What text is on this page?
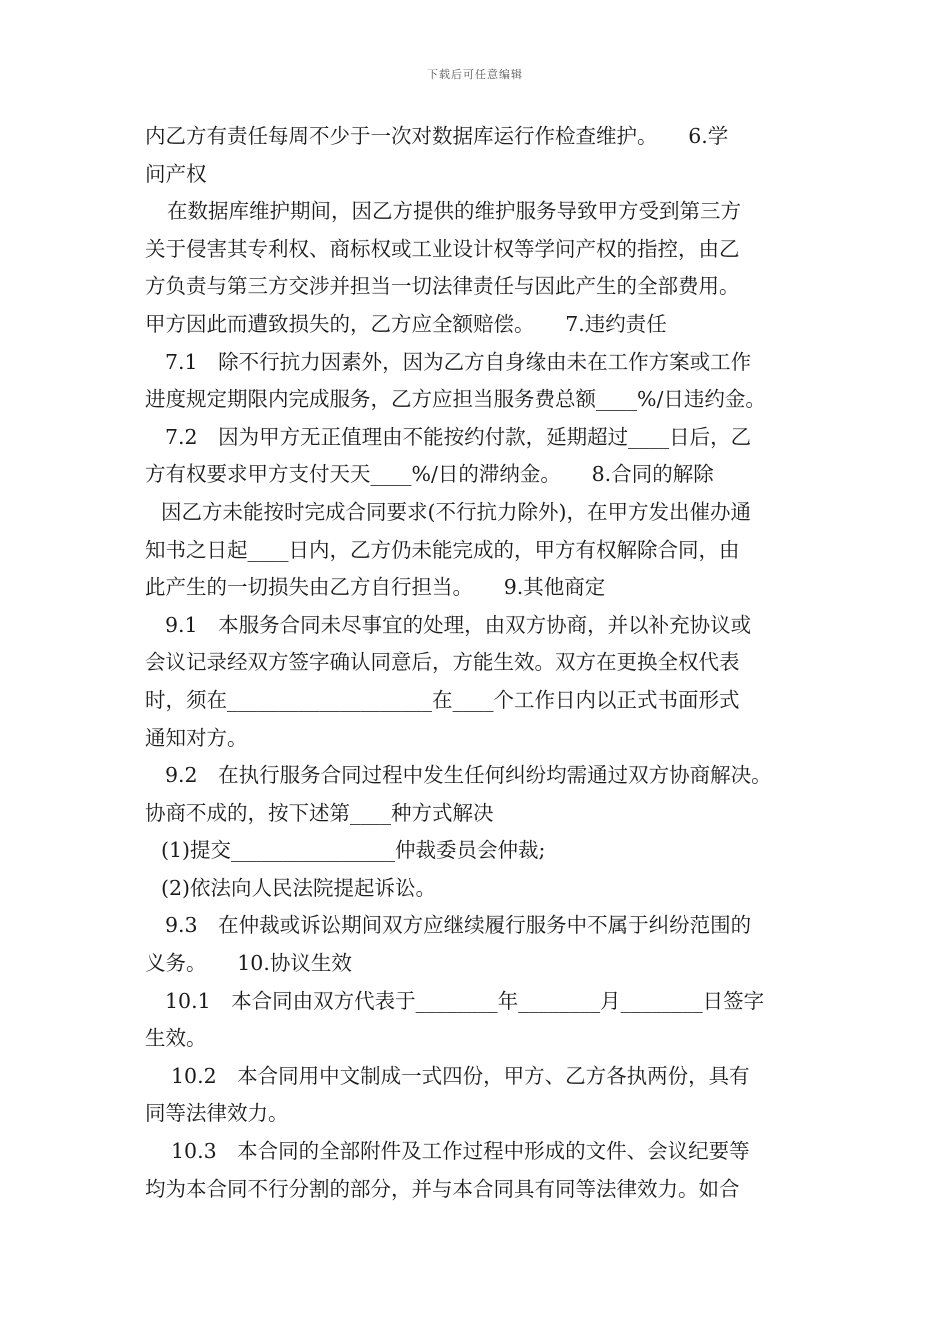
下载后可任意编辑
内乙方有责任每周不少于一次对数据库运行作检查维护。　　6.学
问产权
在数据库维护期间，因乙方提供的维护服务导致甲方受到第三方
关于侵害其专利权、商标权或工业设计权等学问产权的指控，由乙
方负责与第三方交涉并担当一切法律责任与因此产生的全部费用。
甲方因此而遭致损失的，乙方应全额赔偿。　　7.违约责任
7.1　除不行抗力因素外，因为乙方自身缘由未在工作方案或工作
进度规定期限内完成服务，乙方应担当服务费总额____%/日违约金。
7.2　因为甲方无正值理由不能按约付款，延期超过____日后，乙
方有权要求甲方支付天天____%/日的滞纳金。　　8.合同的解除
因乙方未能按时完成合同要求(不行抗力除外)，在甲方发出催办通
知书之日起____日内，乙方仍未能完成的，甲方有权解除合同，由
此产生的一切损失由乙方自行担当。　　9.其他商定
9.1　本服务合同未尽事宜的处理，由双方协商，并以补充协议或
会议记录经双方签字确认同意后，方能生效。双方在更换全权代表
时，须在____________________在____个工作日内以正式书面形式
通知对方。
9.2　在执行服务合同过程中发生任何纠纷均需通过双方协商解决。
协商不成的，按下述第____种方式解决
(1)提交________________仲裁委员会仲裁;
(2)依法向人民法院提起诉讼。
9.3　在仲裁或诉讼期间双方应继续履行服务中不属于纠纷范围的
义务。　　10.协议生效
10.1　本合同由双方代表于________年________月________日签字
生效。
10.2　本合同用中文制成一式四份，甲方、乙方各执两份，具有
同等法律效力。
10.3　本合同的全部附件及工作过程中形成的文件、会议纪要等
均为本合同不行分割的部分，并与本合同具有同等法律效力。如合
